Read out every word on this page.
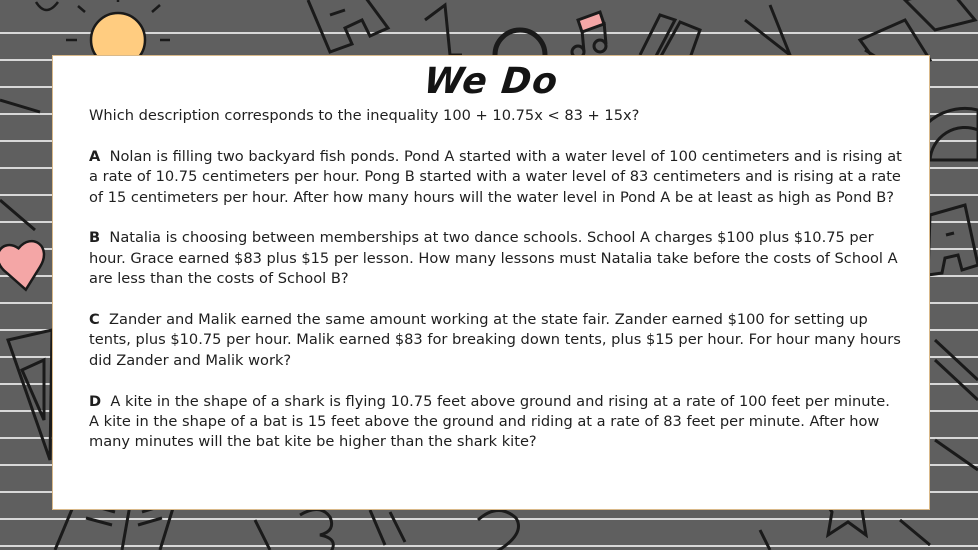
We Do

Which description corresponds to the inequality 100 + 10.75x < 83 + 15x?

A Nolan is filling two backyard fish ponds. Pond A started with a water level of 100 centimeters and is rising at a rate of 10.75 centimeters per hour. Pong B started with a water level of 83 centimeters and is rising at a rate of 15 centimeters per hour. After how many hours will the water level in Pond A be at least as high as Pond B?

B Natalia is choosing between memberships at two dance schools. School A charges $100 plus $10.75 per hour. Grace earned $83 plus $15 per lesson. How many lessons must Natalia take before the costs of School A are less than the costs of School B?

C Zander and Malik earned the same amount working at the state fair. Zander earned $100 for setting up tents, plus $10.75 per hour. Malik earned $83 for breaking down tents, plus $15 per hour. For hour many hours did Zander and Malik work?

D A kite in the shape of a shark is flying 10.75 feet above ground and rising at a rate of 100 feet per minute. A kite in the shape of a bat is 15 feet above the ground and riding at a rate of 83 feet per minute. After how many minutes will the bat kite be higher than the shark kite?
